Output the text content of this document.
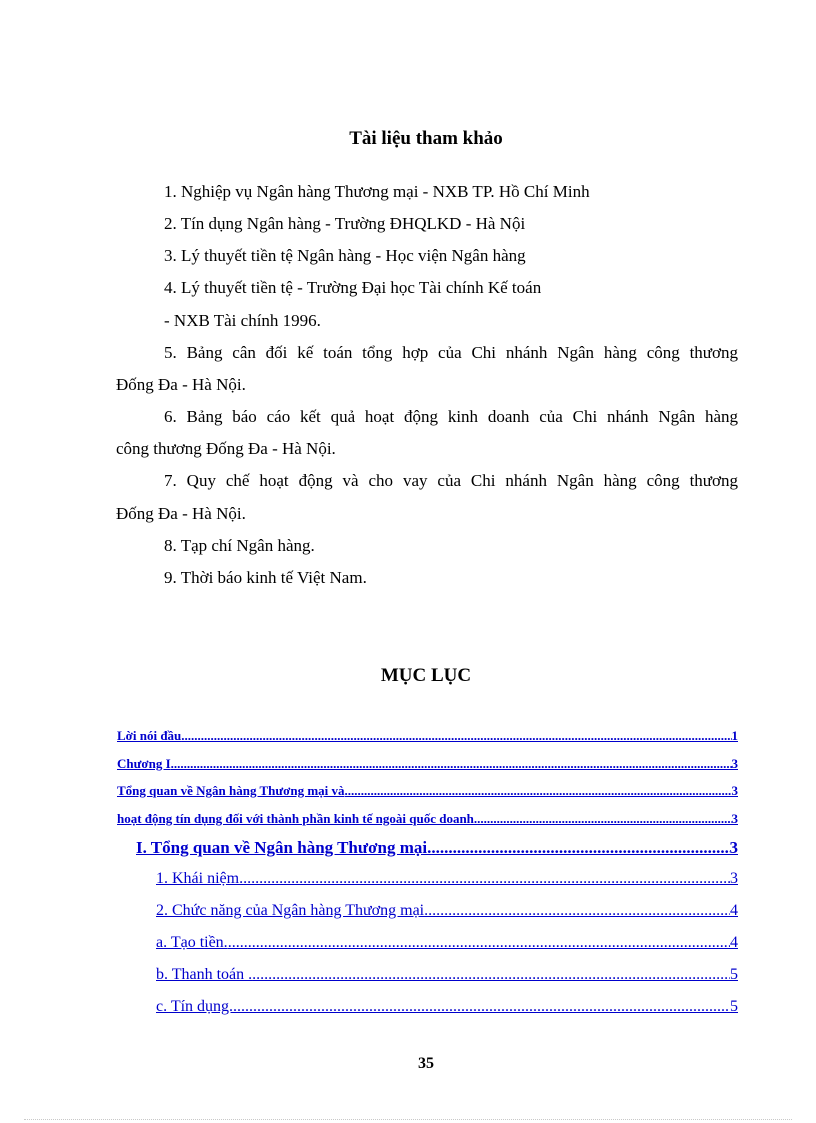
Tài liệu tham khảo
1. Nghiệp vụ Ngân hàng Thương mại - NXB TP. Hồ Chí Minh
2. Tín dụng Ngân hàng - Trường ĐHQLKD - Hà Nội
3. Lý thuyết tiền tệ Ngân hàng - Học viện Ngân hàng
4. Lý thuyết tiền tệ - Trường Đại học Tài chính Kế toán
- NXB Tài chính 1996.
5. Bảng cân đối kế toán tổng hợp của Chi nhánh Ngân hàng công thương
Đống Đa - Hà Nội.
6. Bảng báo cáo kết quả hoạt động kinh doanh của Chi nhánh Ngân hàng
công thương Đống Đa - Hà Nội.
7. Quy chế hoạt động và cho vay của Chi nhánh Ngân hàng công thương
Đống Đa - Hà Nội.
8. Tạp chí Ngân hàng.
9. Thời báo kinh tế Việt Nam.
MỤC LỤC
Lời nói đầu .....	1
Chương I .....	3
Tổng quan về Ngân hàng Thương mại và .....	3
hoạt động tín dụng đối với thành phần kinh tế ngoài quốc doanh. .....	3
I. Tổng quan về Ngân hàng Thương mại. .....	3
1. Khái niệm. .....	3
2. Chức năng của Ngân hàng Thương mại .....	4
a. Tạo tiền. .....	4
b. Thanh toán . .....	5
c. Tín dụng. .....	5
35
